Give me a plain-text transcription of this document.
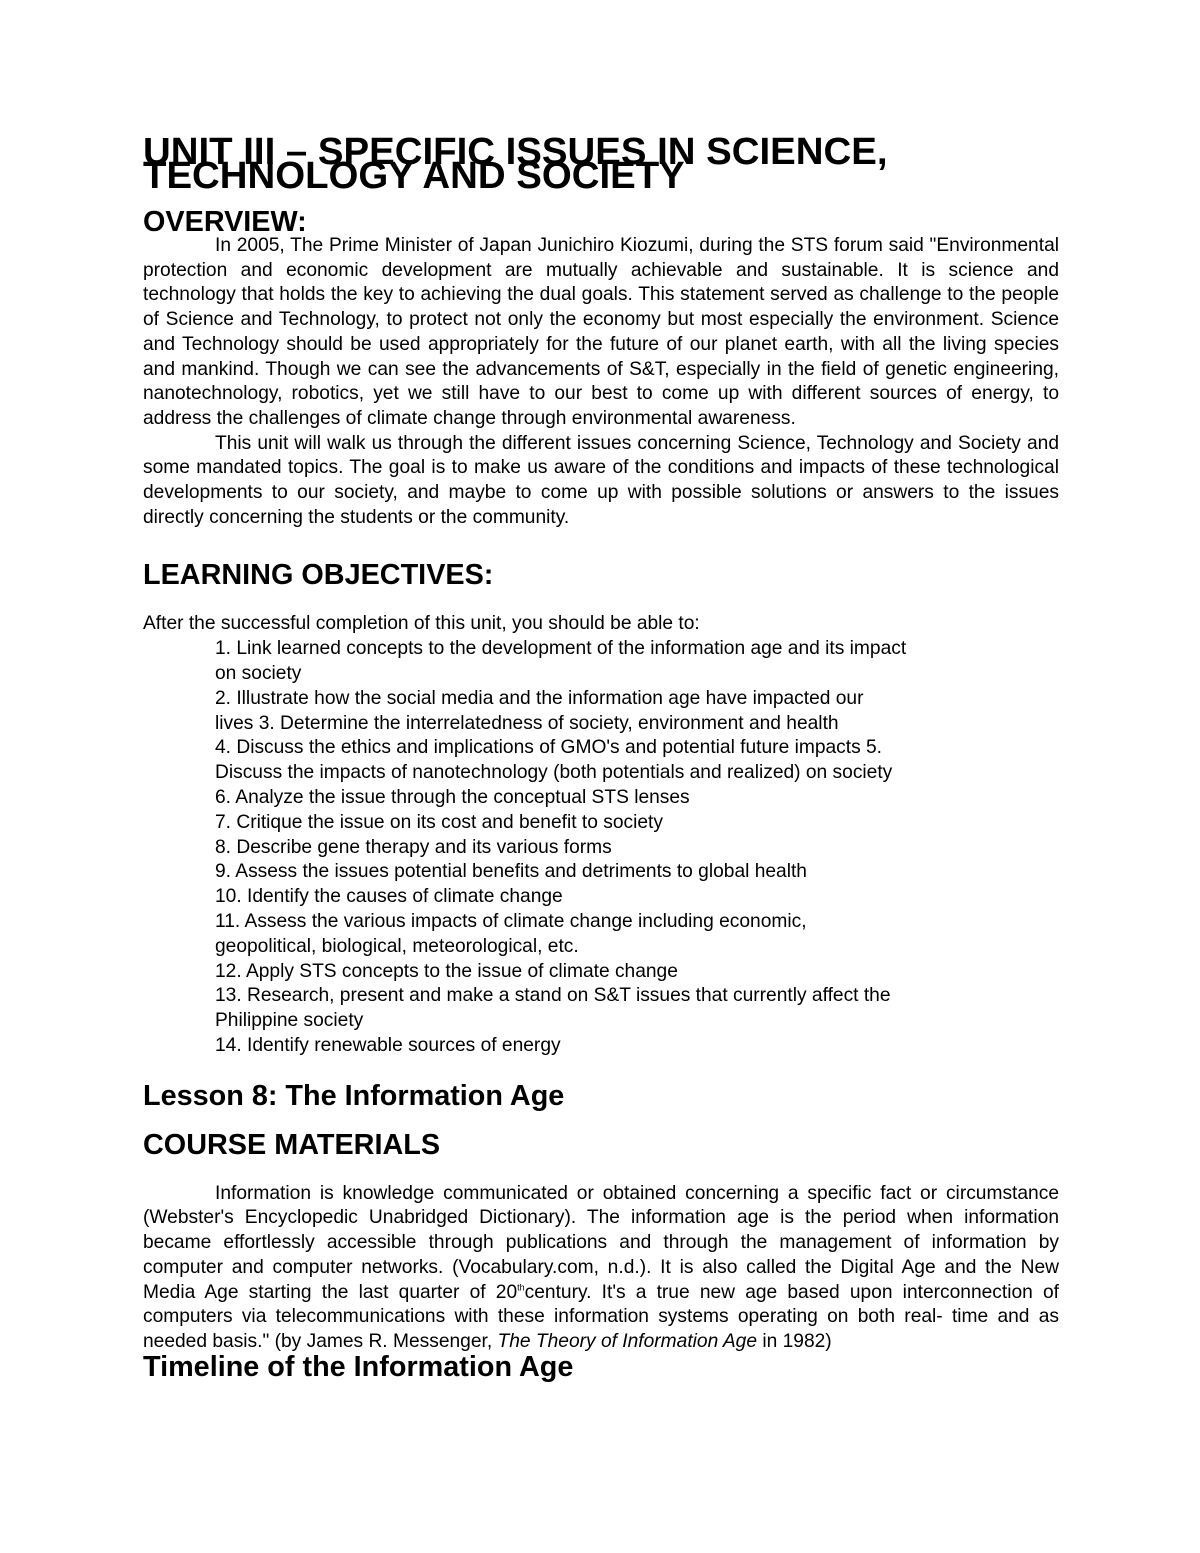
UNIT III – SPECIFIC ISSUES IN SCIENCE, TECHNOLOGY AND SOCIETY
OVERVIEW:

In 2005, The Prime Minister of Japan Junichiro Kiozumi, during the STS forum said "Environmental protection and economic development are mutually achievable and sustainable. It is science and technology that holds the key to achieving the dual goals. This statement served as challenge to the people of Science and Technology, to protect not only the economy but most especially the environment. Science and Technology should be used appropriately for the future of our planet earth, with all the living species and mankind. Though we can see the advancements of S&T, especially in the field of genetic engineering, nanotechnology, robotics, yet we still have to our best to come up with different sources of energy, to address the challenges of climate change through environmental awareness.

This unit will walk us through the different issues concerning Science, Technology and Society and some mandated topics. The goal is to make us aware of the conditions and impacts of these technological developments to our society, and maybe to come up with possible solutions or answers to the issues directly concerning the students or the community.

LEARNING OBJECTIVES:

After the successful completion of this unit, you should be able to:

1. Link learned concepts to the development of the information age and its impact
on society
2. Illustrate how the social media and the information age have impacted our
lives 3. Determine the interrelatedness of society, environment and health
4. Discuss the ethics and implications of GMO's and potential future impacts 5.
Discuss the impacts of nanotechnology (both potentials and realized) on society
6. Analyze the issue through the conceptual STS lenses
7. Critique the issue on its cost and benefit to society
8. Describe gene therapy and its various forms
9. Assess the issues potential benefits and detriments to global health
10. Identify the causes of climate change
11. Assess the various impacts of climate change including economic,
geopolitical, biological, meteorological, etc.
12. Apply STS concepts to the issue of climate change
13. Research, present and make a stand on S&T issues that currently affect the
Philippine society
14. Identify renewable sources of energy
Lesson 8: The Information Age
COURSE MATERIALS

Information is knowledge communicated or obtained concerning a specific fact or circumstance (Webster's Encyclopedic Unabridged Dictionary). The information age is the period when information became effortlessly accessible through publications and through the management of information by computer and computer networks. (Vocabulary.com, n.d.). It is also called the Digital Age and the New Media Age starting the last quarter of 20thcentury. It's a true new age based upon interconnection of computers via telecommunications with these information systems operating on both real- time and as needed basis." (by James R. Messenger, The Theory of Information Age in 1982)

Timeline of the Information Age
